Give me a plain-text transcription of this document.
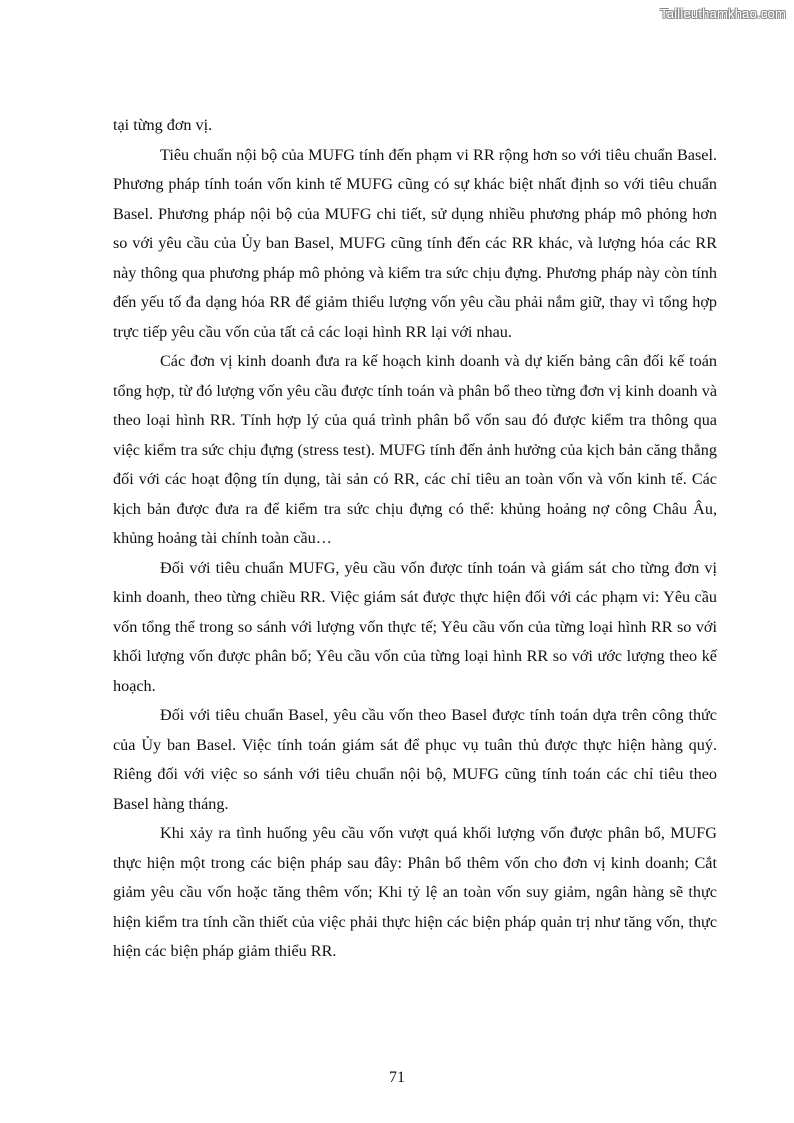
Tailieuthamkhao.com

tại từng đơn vị.

Tiêu chuẩn nội bộ của MUFG tính đến phạm vi RR rộng hơn so với tiêu chuẩn Basel. Phương pháp tính toán vốn kinh tế MUFG cũng có sự khác biệt nhất định so với tiêu chuẩn Basel. Phương pháp nội bộ của MUFG chi tiết, sử dụng nhiều phương pháp mô phỏng hơn so với yêu cầu của Ủy ban Basel, MUFG cũng tính đến các RR khác, và lượng hóa các RR này thông qua phương pháp mô phỏng và kiểm tra sức chịu đựng. Phương pháp này còn tính đến yếu tố đa dạng hóa RR để giảm thiểu lượng vốn yêu cầu phải nắm giữ, thay vì tổng hợp trực tiếp yêu cầu vốn của tất cả các loại hình RR lại với nhau.

Các đơn vị kinh doanh đưa ra kế hoạch kinh doanh và dự kiến bảng cân đối kế toán tổng hợp, từ đó lượng vốn yêu cầu được tính toán và phân bổ theo từng đơn vị kinh doanh và theo loại hình RR. Tính hợp lý của quá trình phân bổ vốn sau đó được kiểm tra thông qua việc kiểm tra sức chịu đựng (stress test). MUFG tính đến ảnh hưởng của kịch bản căng thẳng đối với các hoạt động tín dụng, tài sản có RR, các chỉ tiêu an toàn vốn và vốn kinh tế. Các kịch bản được đưa ra để kiểm tra sức chịu đựng có thể: khủng hoảng nợ công Châu Âu, khủng hoảng tài chính toàn cầu…

Đối với tiêu chuẩn MUFG, yêu cầu vốn được tính toán và giám sát cho từng đơn vị kinh doanh, theo từng chiều RR. Việc giám sát được thực hiện đối với các phạm vi: Yêu cầu vốn tổng thể trong so sánh với lượng vốn thực tế; Yêu cầu vốn của từng loại hình RR so với khối lượng vốn được phân bổ; Yêu cầu vốn của từng loại hình RR so với ước lượng theo kế hoạch.

Đối với tiêu chuẩn Basel, yêu cầu vốn theo Basel được tính toán dựa trên công thức của Ủy ban Basel. Việc tính toán giám sát để phục vụ tuân thủ được thực hiện hàng quý. Riêng đối với việc so sánh với tiêu chuẩn nội bộ, MUFG cũng tính toán các chỉ tiêu theo Basel hàng tháng.

Khi xảy ra tình huống yêu cầu vốn vượt quá khối lượng vốn được phân bổ, MUFG thực hiện một trong các biện pháp sau đây: Phân bổ thêm vốn cho đơn vị kinh doanh; Cắt giảm yêu cầu vốn hoặc tăng thêm vốn; Khi tỷ lệ an toàn vốn suy giảm, ngân hàng sẽ thực hiện kiểm tra tính cần thiết của việc phải thực hiện các biện pháp quản trị như tăng vốn, thực hiện các biện pháp giảm thiểu RR.

71
